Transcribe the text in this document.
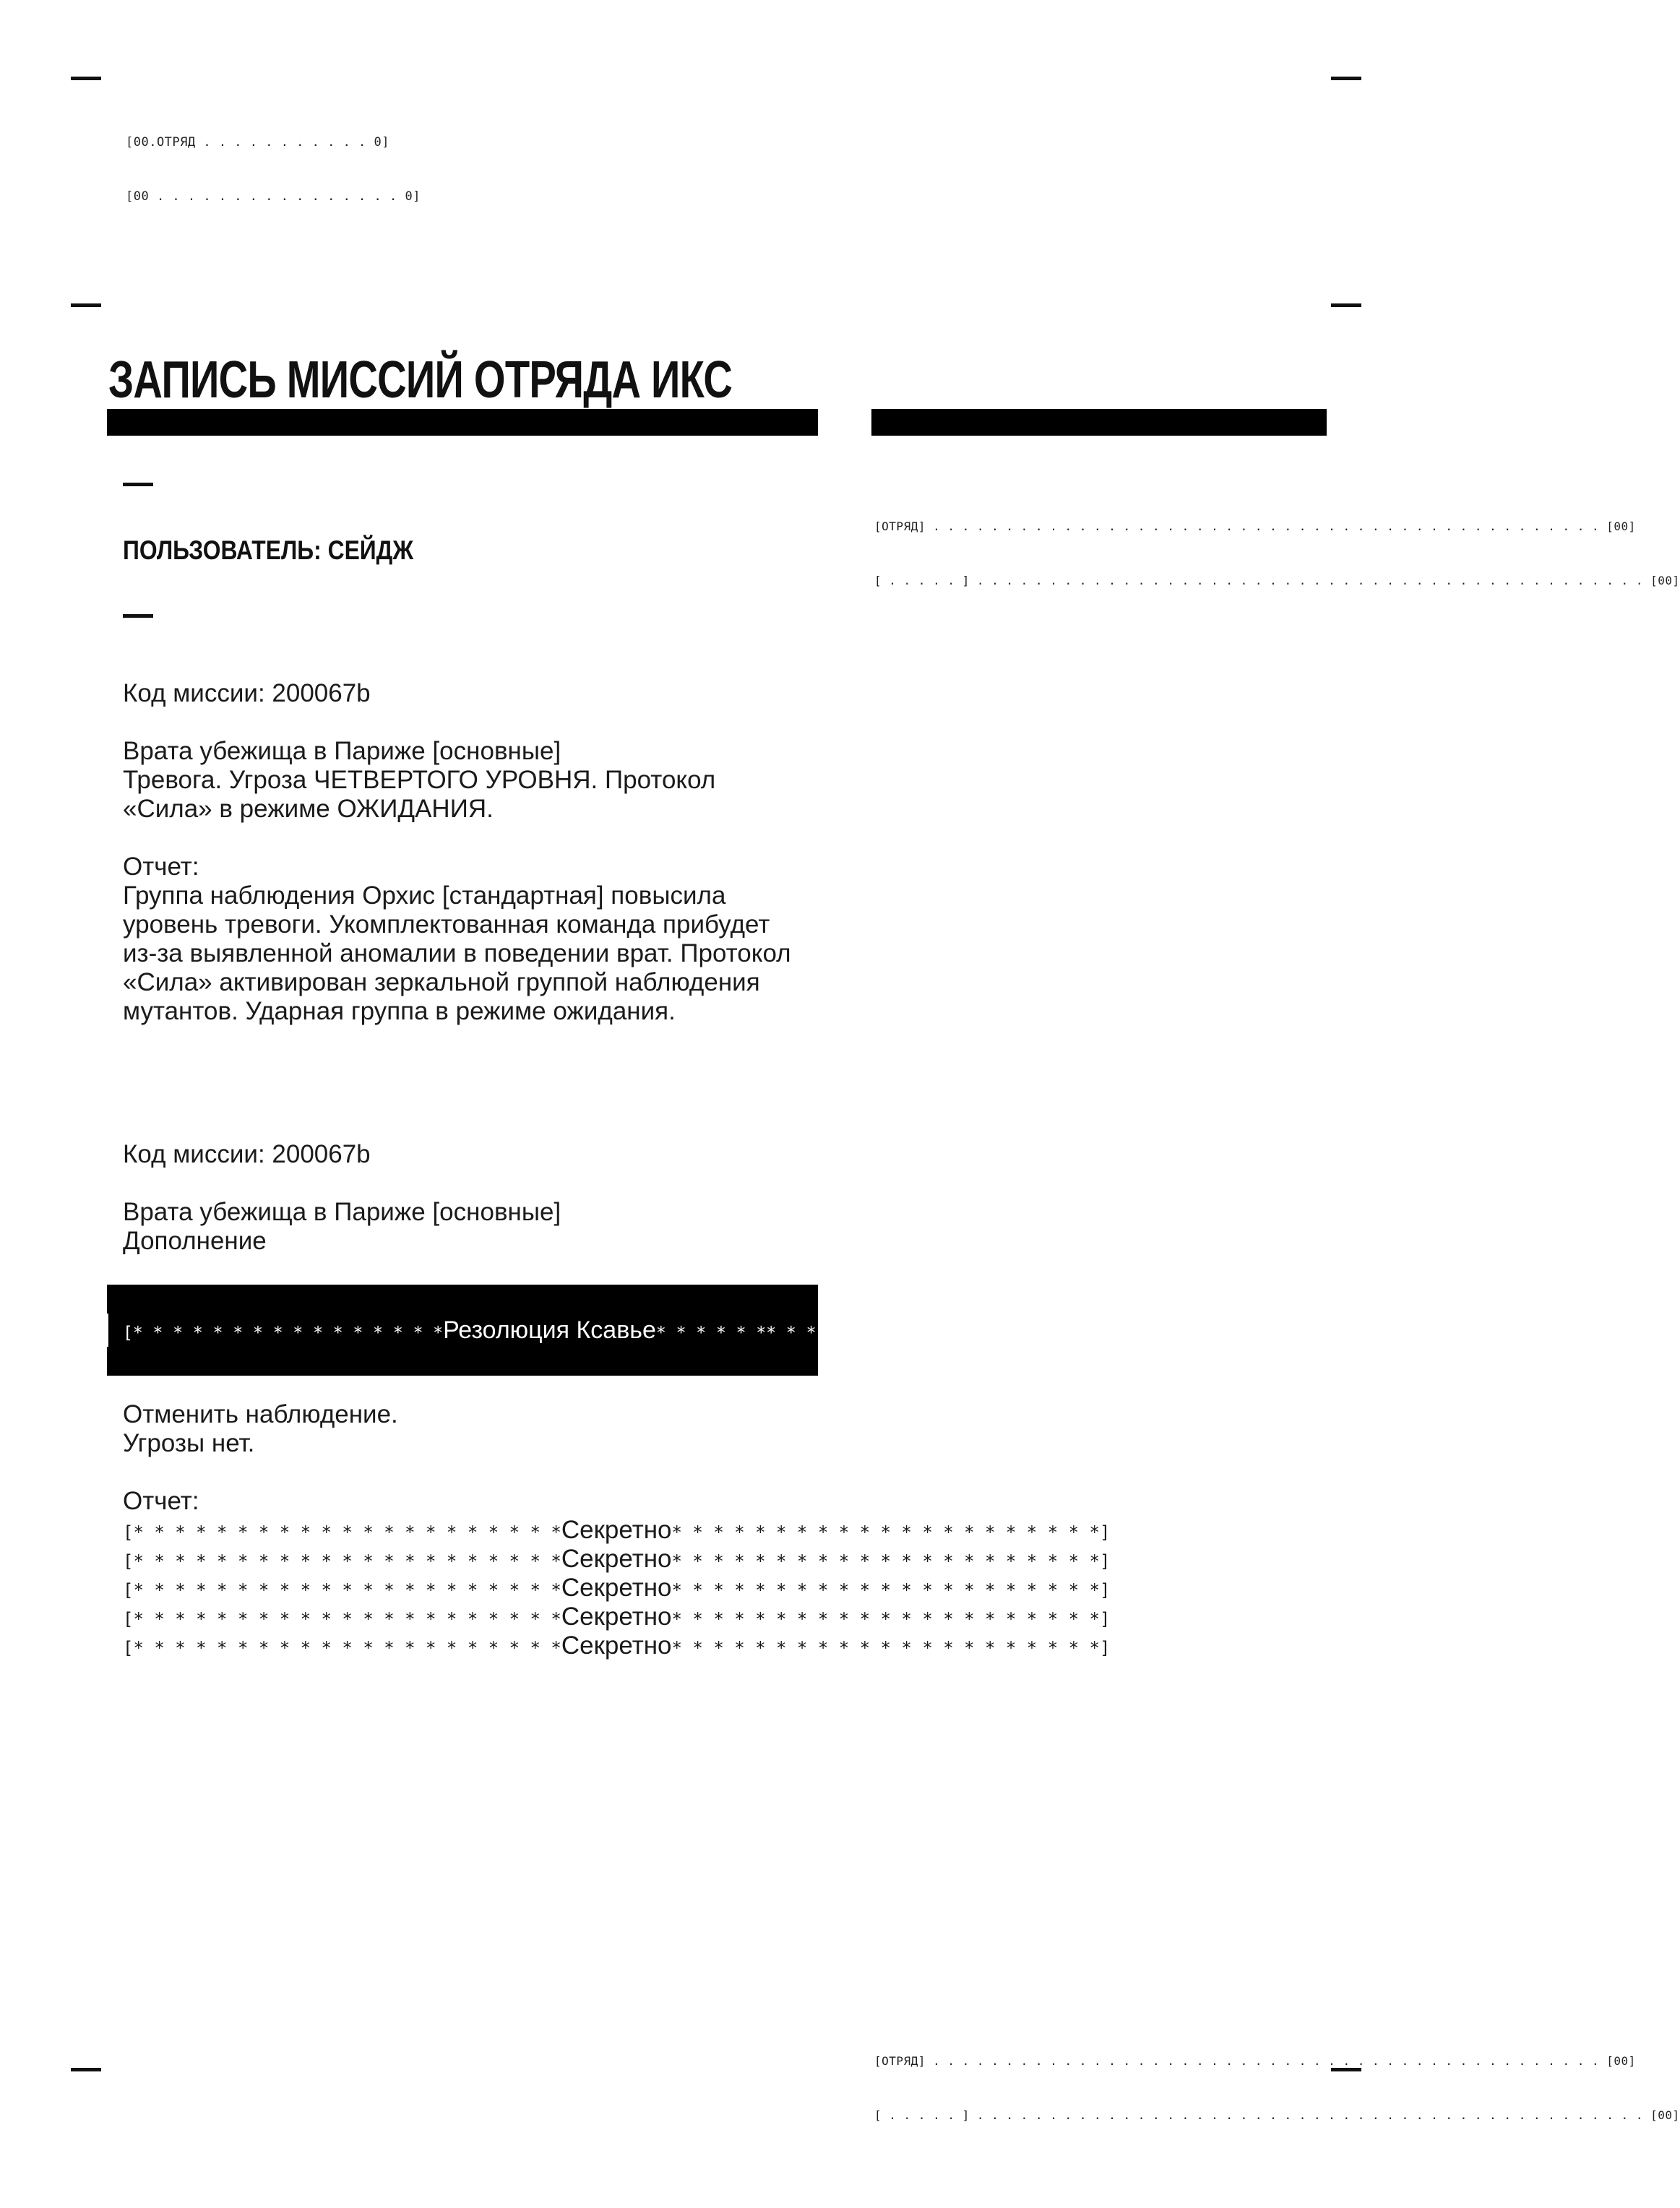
[00.ОТРЯД . . . . . . . . . . . 0]

[00 . . . . . . . . . . . . . . . . 0]

ЗАПИСЬ МИССИЙ ОТРЯДА ИКС

[ОТРЯД] . . . . . . . . . . . . . . . . . . . . . . . . . . . . . . . . . . . . . . . . . . . . . . [00]

[ . . . . . ] . . . . . . . . . . . . . . . . . . . . . . . . . . . . . . . . . . . . . . . . . . . . . . [00]

ПОЛЬЗОВАТЕЛЬ: СЕЙДЖ

Код миссии: 200067b

Врата убежища в Париже [основные]

Тревога. Угроза ЧЕТВЕРТОГО УРОВНЯ. Протокол «Сила» в режиме ОЖИДАНИЯ.

Отчет:

Группа наблюдения Орхис [стандартная] повысила уровень тревоги. Укомплектованная команда прибудет из-за выявленной аномалии в поведении врат. Протокол «Сила» активирован зеркальной группой наблюдения мутантов. Ударная группа в режиме ожидания.

Код миссии: 200067b

Врата убежища в Париже [основные]

Дополнение

[* * * * * * * * * * * * * * * *Резолюция Ксавье* * * * * ** * * * * * * * * * *]

Отменить наблюдение.

Угрозы нет.

Отчет:

[* * * * * * * * * * * * * * * * * * * * *Секретно* * * * * * * * * * * * * * * * * * * * *]
[* * * * * * * * * * * * * * * * * * * * *Секретно* * * * * * * * * * * * * * * * * * * * *]
[* * * * * * * * * * * * * * * * * * * * *Секретно* * * * * * * * * * * * * * * * * * * * *]
[* * * * * * * * * * * * * * * * * * * * *Секретно* * * * * * * * * * * * * * * * * * * * *]
[* * * * * * * * * * * * * * * * * * * * *Секретно* * * * * * * * * * * * * * * * * * * * *]

[ОТРЯД] . . . . . . . . . . . . . . . . . . . . . . . . . . . . . . . . . . . . . . . . . . . . . . [00]

[ . . . . . ] . . . . . . . . . . . . . . . . . . . . . . . . . . . . . . . . . . . . . . . . . . . . . . [00]
